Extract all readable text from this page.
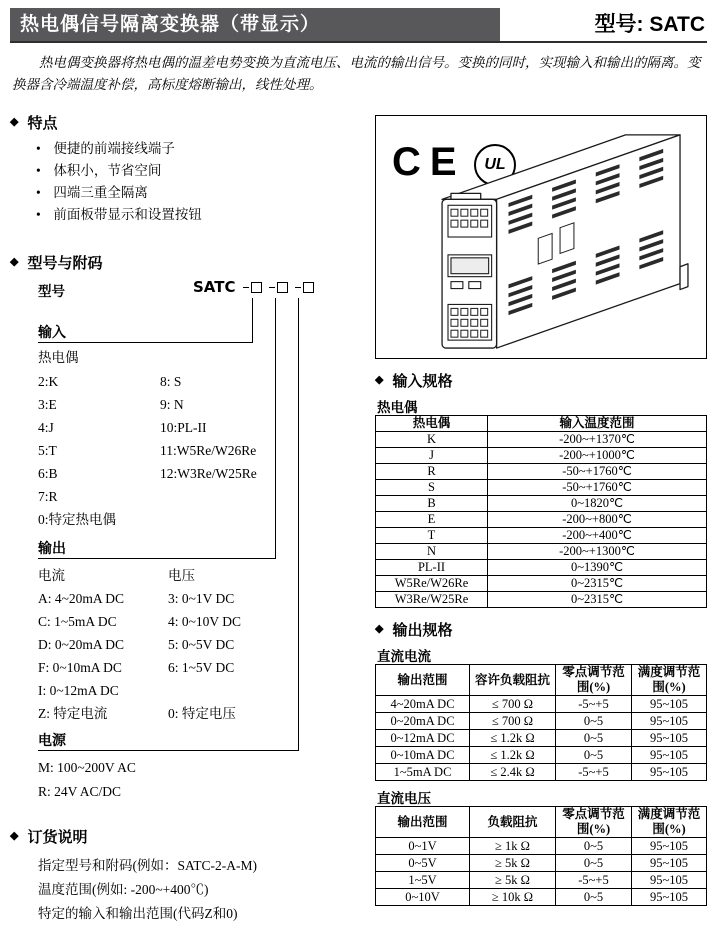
热电偶信号隔离变换器（带显示）	型号: SATC
热电偶变换器将热电偶的温差电势变换为直流电压、电流的输出信号。变换的同时，实现输入和输出的隔离。变换器含冷端温度补偿，高标度熔断输出，线性处理。
◆ 特点
• 便捷的前端接线端子
• 体积小，节省空间
• 四端三重全隔离
• 前面板带显示和设置按钮
◆ 型号与附码
型号	SATC
输入
热电偶
2:K	8: S
3:E	9: N
4:J	10:PL-II
5:T	11:W5Re/W26Re
6:B	12:W3Re/W25Re
7:R
0:特定热电偶
输出
电流	电压
A: 4~20mA DC	3: 0~1V DC
C: 1~5mA DC	4: 0~10V DC
D: 0~20mA DC	5: 0~5V DC
F: 0~10mA DC	6: 1~5V DC
I: 0~12mA DC
Z: 特定电流	0: 特定电压
电源
M: 100~200V AC
R: 24V AC/DC
◆ 订货说明
指定型号和附码(例如：SATC-2-A-M)
温度范围(例如: -200~+400℃)
特定的输入和输出范围(代码Z和0)
CE UL
◆ 输入规格
热电偶
热电偶	输入温度范围
K	-200~+1370℃
J	-200~+1000℃
R	-50~+1760℃
S	-50~+1760℃
B	0~1820℃
E	-200~+800℃
T	-200~+400℃
N	-200~+1300℃
PL-II	0~1390℃
W5Re/W26Re	0~2315℃
W3Re/W25Re	0~2315℃
◆ 输出规格
直流电流
输出范围	容许负载阻抗	零点调节范围(%)	满度调节范围(%)
4~20mA DC	≤ 700 Ω	-5~+5	95~105
0~20mA DC	≤ 700 Ω	0~5	95~105
0~12mA DC	≤ 1.2k Ω	0~5	95~105
0~10mA DC	≤ 1.2k Ω	0~5	95~105
1~5mA DC	≤ 2.4k Ω	-5~+5	95~105
直流电压
输出范围	负载阻抗	零点调节范围(%)	满度调节范围(%)
0~1V	≥ 1k Ω	0~5	95~105
0~5V	≥ 5k Ω	0~5	95~105
1~5V	≥ 5k Ω	-5~+5	95~105
0~10V	≥ 10k Ω	0~5	95~105
